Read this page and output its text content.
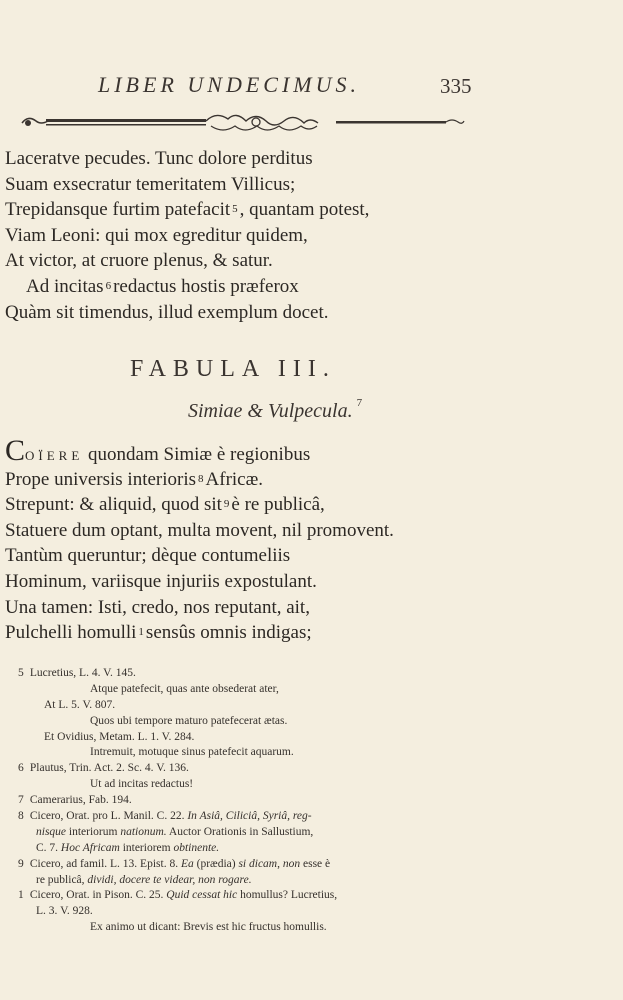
LIBER UNDECIMUS.	335
Laceratve pecudes. Tunc dolore perditus
Suam exsecratur temeritatem Villicus;
Trepidansque furtim patefacit $^5$ , quantam potest,
Viam Leoni: qui mox egreditur quidem,
At victor, at cruore plenus, & satur.
Ad incitas $^6$ redactus hostis præferox
Quàm sit timendus, illud exemplum docet.
FABULA III.
Simiae & Vulpecula. $^7$
COÏERE quondam Simiæ è regionibus
Prope universis interioris $^8$ Africæ.
Strepunt: & aliquid, quod sit $^9$ è re publicâ,
Statuere dum optant, multa movent, nil promovent.
Tantùm queruntur; dèque contumeliis
Hominum, variisque injuriis expostulant.
Una tamen: Isti, credo, nos reputant, ait,
Pulchelli homulli $^1$ sensûs omnis indigas;
5 Lucretius, L. 4. V. 145.
Atque patefecit, quas ante obsederat ater,
At L. 5. V. 807.
Quos ubi tempore maturo patefecerat ætas.
Et Ovidius, Metam. L. 1. V. 284.
Intremuit, motuque sinus patefecit aquarum.
6 Plautus, Trin. Act. 2. Sc. 4. V. 136.
Ut ad incitas redactus!
7 Camerarius, Fab. 194.
8 Cicero, Orat. pro L. Manil. C. 22. In Asiâ, Ciliciâ, Syriâ, reg-
nisque interiorum nationum. Auctor Orationis in Sallustium,
C. 7. Hoc Africam interiorem obtinente.
9 Cicero, ad famil. L. 13. Epist. 8. Ea (prædia) si dicam, non esse è
re publicâ, dividi, docere te videar, non rogare.
1 Cicero, Orat. in Pison. C. 25. Quid cessat hic homullus? Lucretius,
L. 3. V. 928.
Ex animo ut dicant: Brevis est hic fructus homullis.
